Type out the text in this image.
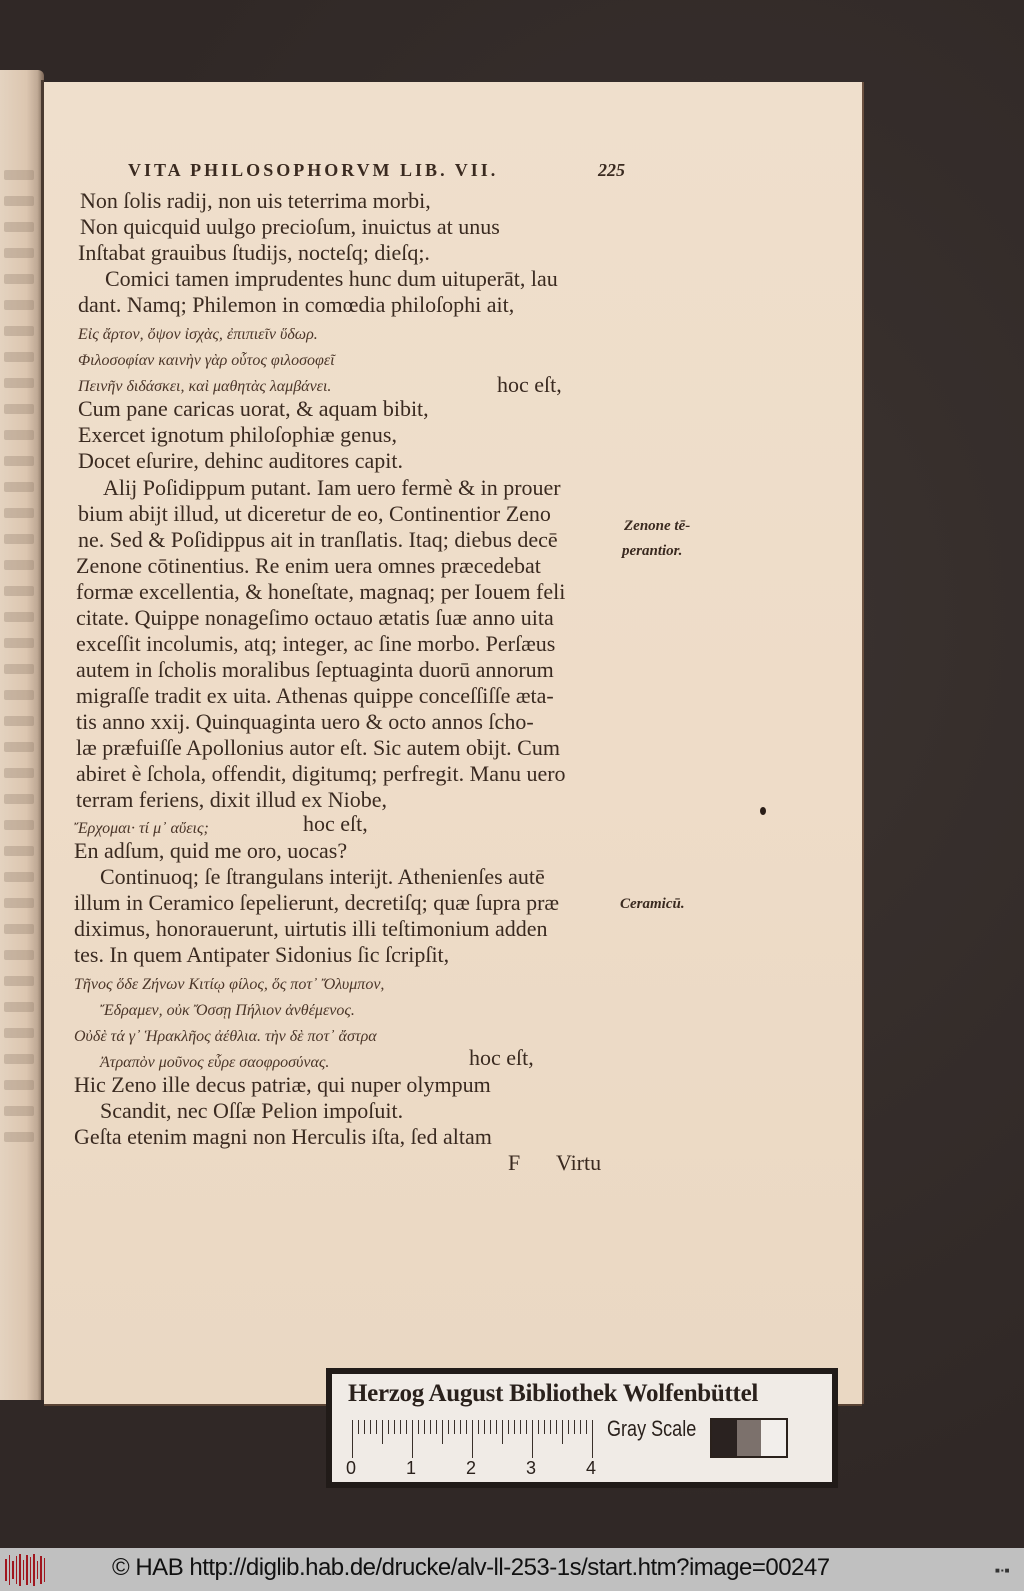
VITA PHILOSOPHORVM LIB. VII.	225
Non ſolis radiј, non uis teterrima morbi,
Non quicquid uulgo precioſum, inuictus at unus
Inſtabat grauibus ſtudiјs, nocteſq; dieſq;.
Comici tamen imprudentes hunc dum uituperāt, lau
dant. Namq; Philemon in comœdia philoſophi ait,
Εἰς ἄρτον, ὄψον ἰσχὰς, ἐπιπιεῖν ὕδωρ.
Φιλοσοφίαν καινὴν γὰρ οὗτος φιλοσοφεῖ
Πεινῆν διδάσκει, καὶ μαθητὰς λαμβάνει.
Cum pane caricas uorat, & aquam bibit,
Exercet ignotum philoſophiæ genus,
Docet eſurire, dehinc auditores capit.
Aliј Poſidippum putant. Iam uero fermè & in prouer
bium abiјt illud, ut diceretur de eo, Continentior Zeno
ne. Sed & Poſidippus ait in tranſlatis. Itaq; diebus decē
Zenone cōtinentius. Re enim uera omnes præcedebat
formæ excellentia, & honeſtate, magnaq; per Iouem feli
citate. Quippe nonageſimo octauo ætatis ſuæ anno uita
exceſſit incolumis, atq; integer, ac ſine morbo. Perſæus
autem in ſcholis moralibus ſeptuaginta duorū annorum
migraſſe tradit ex uita. Athenas quippe conceſſiſſe æta-
tis anno xxiј. Quinquaginta uero & octo annos ſcho-
læ præfuiſſe Apollonius autor eſt. Sic autem obiјt. Cum
abiret è ſchola, offendit, digitumq; perfregit. Manu uero
terram feriens, dixit illud ex Niobe,
Ἔρχομαι· τί μ᾽ αὔεις;
En adſum, quid me oro, uocas?
Continuoq; ſe ſtrangulans interiјt. Athenienſes autē
illum in Ceramico ſepelierunt, decretiſq; quæ ſupra præ
diximus, honorauerunt, uirtutis illi teſtimonium adden
tes. In quem Antipater Sidonius ſic ſcripſit,
Τῆνος ὅδε Ζήνων Κιτίῳ φίλος, ὅς ποτ᾽ Ὄλυμπον,
Ἔδραμεν, οὐκ Ὄσσῃ Πήλιον ἀνθέμενος.
Οὐδὲ τά γ᾽ Ἡρακλῆος ἀέθλια. τὴν δὲ ποτ᾽ ἄστρα
Ἀτραπὸν μοῦνος εὗρε σαοφροσύνας.
Hic Zeno ille decus patriæ, qui nuper olympum
Scandit, nec Oſſæ Pelion impoſuit.
Geſta etenim magni non Herculis iſta, ſed altam
hoc eſt,
hoc eſt,
hoc eſt,
Zenone tē-
perantior.
Ceramicū.
F Virtu
Herzog August Bibliothek Wolfenbüttel
0	1	2	3	4
Gray Scale
© HAB http://diglib.hab.de/drucke/alv-ll-253-1s/start.htm?image=00247	■▪■
